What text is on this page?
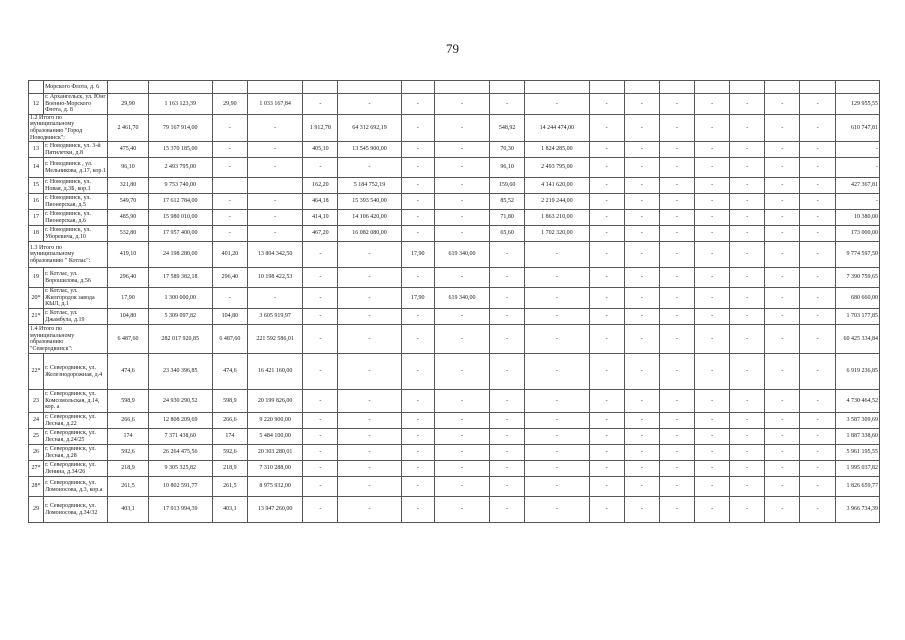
79
	Морского Флота, д. 6																		
12	г. Архангельск, ул. Юнг Военно-Морского Флота, д. 8	29,90	1 163 123,39	29,90	1 033 167,84	-	-	-	-	-	-	-	-	-	-	-	-	-	129 955,55
1.2 Итого по муниципальному образованию "Город Новодвинск":		2 461,70	79 167 914,00	-	-	1 912,78	64 312 692,19	-	-	548,92	14 244 474,00	-	-	-	-	-	-	-	610 747,81
13	г. Новодвинск, ул. 3-й Пятилетки, д.8	475,40	15 370 185,00	-	-	405,10	13 545 900,00	-	-	70,30	1 824 285,00	-	-	-	-	-	-	-	-
14	г. Новодвинск , ул. Мельникова, д.17, кор.1	96,10	2 493 795,00	-	-	-	-	-	-	96,10	2 493 795,00	-	-	-	-	-	-	-	-
15	г. Новодвинск, ул. Новая, д.3Б, кор.1	321,80	9 753 740,00			162,20	5 184 752,19	-	-	159,60	4 141 620,00	-	-	-	-	-	-	-	427 367,81
16	г. Новодвинск, ул. Пионерская, д.5	549,70	17 612 784,00	-	-	464,18	15 393 540,00	-	-	85,52	2 219 244,00	-	-	-	-	-	-	-	-
17	г. Новодвинск, ул. Пионерская, д.6	485,90	15 980 010,00	-	-	414,10	14 106 420,00	-	-	71,80	1 863 210,00	-	-	-	-	-	-	-	10 380,00
18	г. Новодвинск, ул. Уборевича, д.10	532,80	17 957 400,00	-	-	467,20	16 082 080,00	-	-	65,60	1 702 320,00	-	-	-	-	-	-	-	173 000,00
1.3 Итого по муниципальному образованию " Котлас":		419,10	24 198 280,00	401,20	13 804 342,50	-	-	17,90	619 340,00	-	-	-	-	-	-	-	-	-	9 774 597,50
19	г. Котлас, ул. Ворошилова, д.56	296,40	17 589 382,18	296,40	10 198 422,53	-	-	-	-	-	-	-	-	-	-	-	-	-	7 390 759,65
20*	г. Котлас, ул. Жилгородок завода КЫЛ, д.1	17,90	1 300 000,00	-	-	-	-	17,90	619 340,00	-	-	-	-	-	-	-	-	-	680 660,00
21*	г. Котлас, ул. Джамбула, д.19	104,80	5 309 097,82	104,80	3 605 919,97	-	-	-	-	-	-	-	-	-	-	-	-	-	1 703 177,85
1.4 Итого по муниципальному образованию "Северодвинск":		6 487,60	282 017 920,85	6 487,60	221 592 586,01	-	-	-	-	-	-	-	-	-	-	-	-	-	60 425 334,84
22*	г. Северодвинск, ул. Железнодорожная, д.4	474,6	23 340 396,85	474,6	16 421 160,00	-	-	-	-	-	-	-	-	-	-	-	-	-	6 919 236,85
23	г. Северодвинск, ул. Комсомольская, д.14, кор. а	598,9	24 930 290,52	598,9	20 199 826,00	-	-	-	-	-	-	-	-	-	-	-	-	-	4 730 464,52
24	г. Северодвинск, ул. Лесная, д.22	266,6	12 808 209,69	266,6	9 220 900,00	-	-	-	-	-	-	-	-	-	-	-	-	-	3 587 309,69
25	г. Северодвинск, ул. Лесная, д.24/25	174	7 371 438,60	174	5 484 100,00	-	-	-	-	-	-	-	-	-	-	-	-	-	1 887 338,60
26	г. Северодвинск, ул. Лесная, д.28	592,6	26 264 475,56	592,6	20 303 280,01	-	-	-	-	-	-	-	-	-	-	-	-	-	5 961 195,55
27*	г. Северодвинск, ул. Ленина, д.34/26	218,9	9 305 325,82	218,9	7 310 288,00	-	-	-	-	-	-	-	-	-	-	-	-	-	1 995 037,82
28*	г. Северодвинск, ул. Ломоносова, д.3, кор.а	261,5	10 802 591,77	261,5	8 975 932,00	-	-	-	-	-	-	-	-	-	-	-	-	-	1 826 659,77
29	г. Северодвинск, ул. Ломоносова, д.34/32	403,1	17 913 994,39	403,1	13 947 260,00	-	-	-	-	-	-	-	-	-	-	-	-	-	3 966 734,39
